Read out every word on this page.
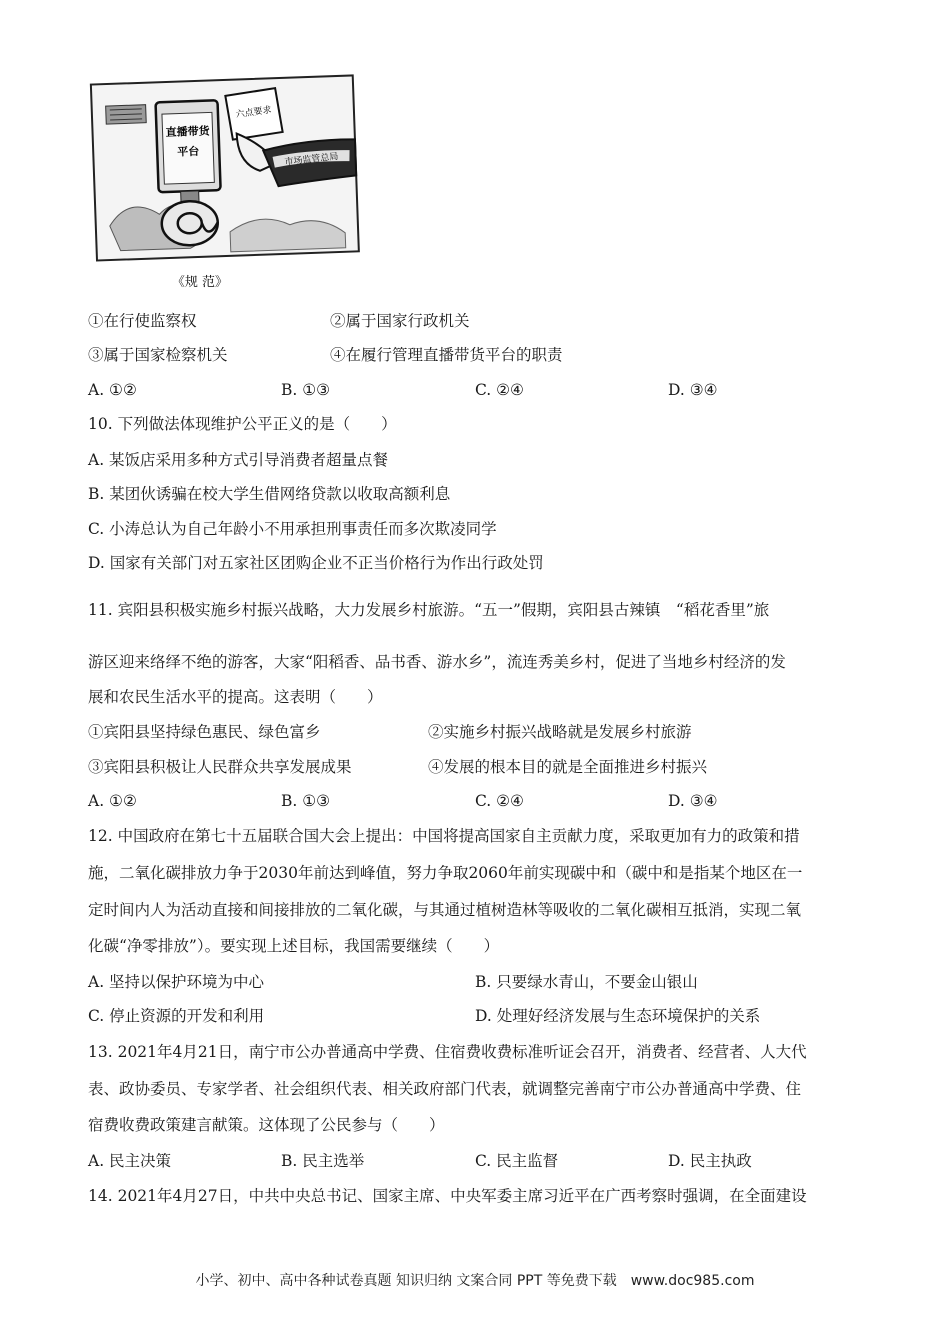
直播带货
平台
六点要求
市场监管总局
《规 范》
①在行使监察权	②属于国家行政机关
③属于国家检察机关	④在履行管理直播带货平台的职责
A. ①②	B. ①③	C. ②④	D. ③④
10. 下列做法体现维护公平正义的是（　　）
A. 某饭店采用多种方式引导消费者超量点餐
B. 某团伙诱骗在校大学生借网络贷款以收取高额利息
C. 小涛总认为自己年龄小不用承担刑事责任而多次欺凌同学
D. 国家有关部门对五家社区团购企业不正当价格行为作出行政处罚
11. 宾阳县积极实施乡村振兴战略，大力发展乡村旅游。“五一”假期，宾阳县古辣镇　“稻花香里”旅
游区迎来络绎不绝的游客，大家“阳稻香、品书香、游水乡”，流连秀美乡村，促进了当地乡村经济的发
展和农民生活水平的提高。这表明（　　）
①宾阳县坚持绿色惠民、绿色富乡	②实施乡村振兴战略就是发展乡村旅游
③宾阳县积极让人民群众共享发展成果	④发展的根本目的就是全面推进乡村振兴
A. ①②	B. ①③	C. ②④	D. ③④
12. 中国政府在第七十五届联合国大会上提出：中国将提高国家自主贡献力度，采取更加有力的政策和措
施，二氧化碳排放力争于2030年前达到峰值，努力争取2060年前实现碳中和（碳中和是指某个地区在一
定时间内人为活动直接和间接排放的二氧化碳，与其通过植树造林等吸收的二氧化碳相互抵消，实现二氧
化碳“净零排放”）。要实现上述目标，我国需要继续（　　）
A. 坚持以保护环境为中心	B. 只要绿水青山，不要金山银山
C. 停止资源的开发和利用	D. 处理好经济发展与生态环境保护的关系
13. 2021年4月21日，南宁市公办普通高中学费、住宿费收费标准听证会召开，消费者、经营者、人大代
表、政协委员、专家学者、社会组织代表、相关政府部门代表，就调整完善南宁市公办普通高中学费、住
宿费收费政策建言献策。这体现了公民参与（　　）
A. 民主决策	B. 民主选举	C. 民主监督	D. 民主执政
14. 2021年4月27日，中共中央总书记、国家主席、中央军委主席习近平在广西考察时强调，在全面建设
小学、初中、高中各种试卷真题 知识归纳 文案合同 PPT 等免费下载　www.doc985.com
